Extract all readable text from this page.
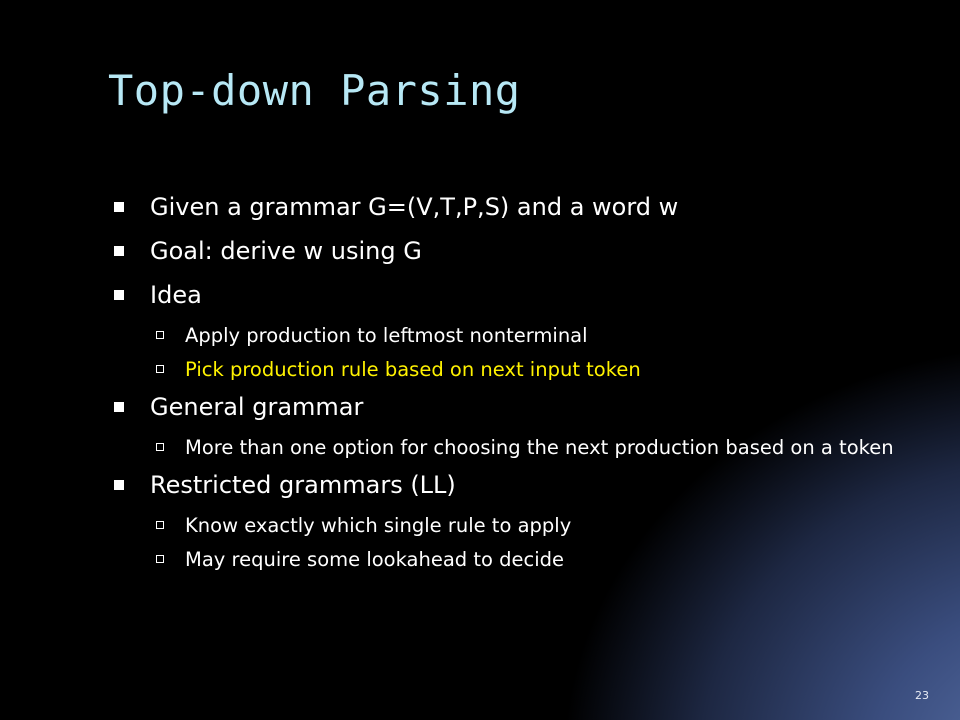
Top-down Parsing
Given a grammar G=(V,T,P,S) and a word w
Goal: derive w using G
Idea
Apply production to leftmost nonterminal
Pick production rule based on next input token
General grammar
More than one option for choosing the next production based on a token
Restricted grammars (LL)
Know exactly which single rule to apply
May require some lookahead to decide
23
